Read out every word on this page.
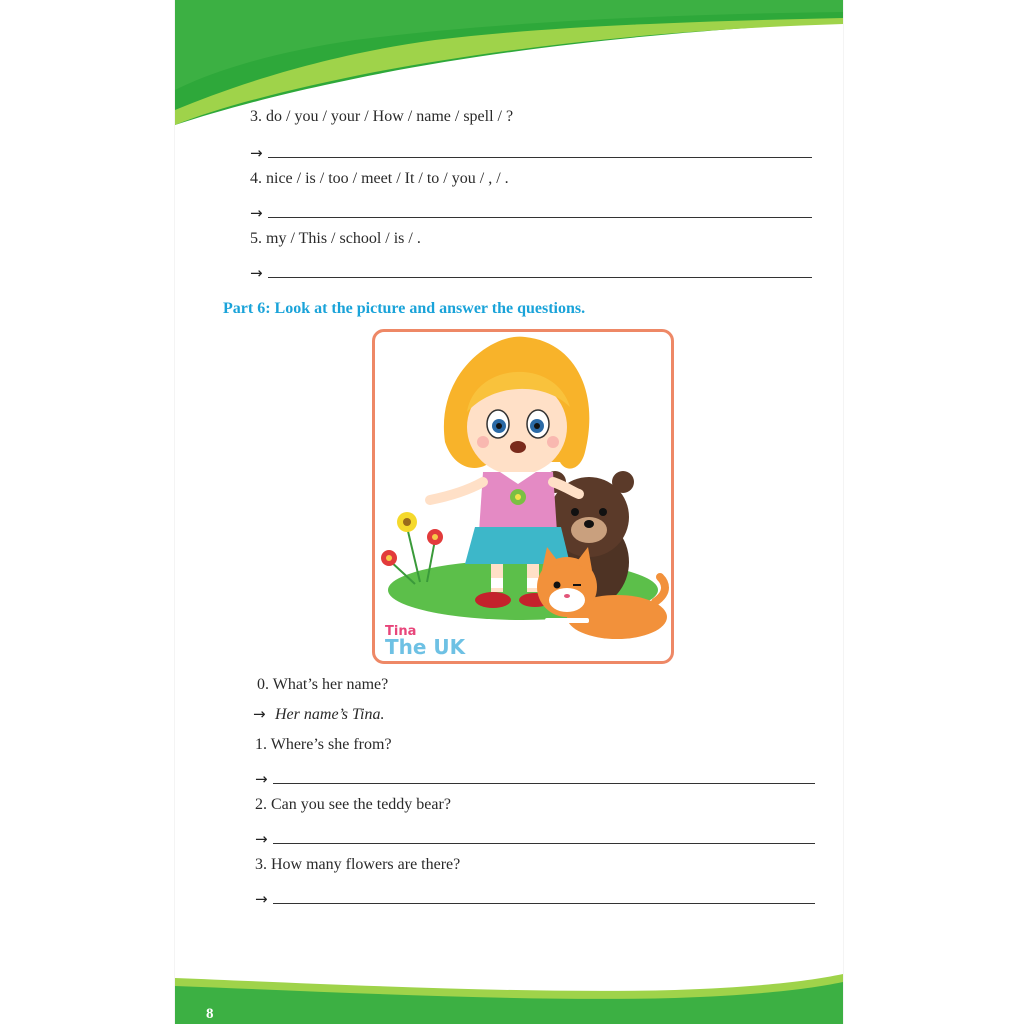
3. do / you / your / How / name / spell / ?
→
4. nice / is / too / meet / It / to / you / , / .
→
5. my / This / school / is / .
→
Part 6: Look at the picture and answer the questions.
Tina
The UK
0. What’s her name?
→ Her name’s Tina.
1. Where’s she from?
→
2. Can you see the teddy bear?
→
3. How many flowers are there?
→
8
